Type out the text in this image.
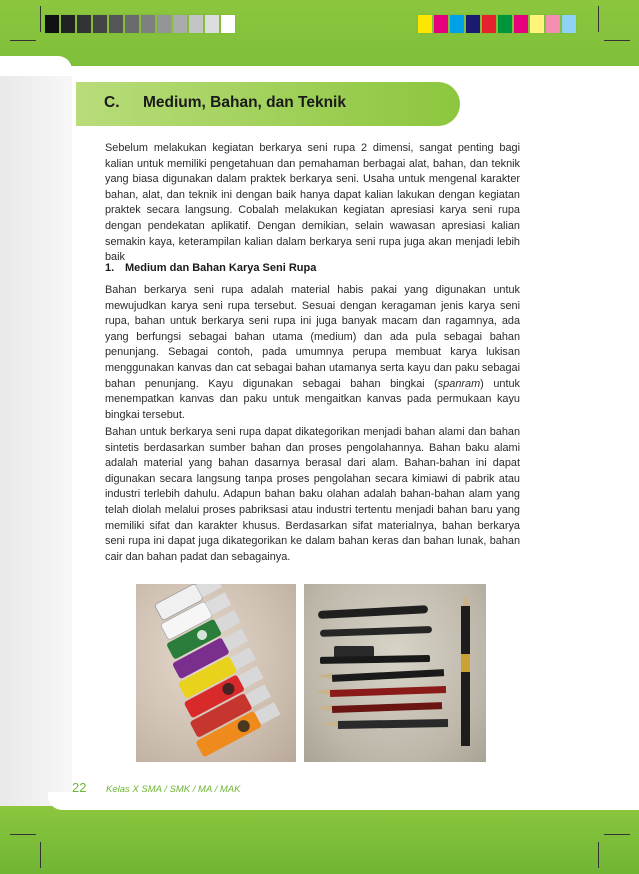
C. Medium, Bahan, dan Teknik

Sebelum melakukan kegiatan berkarya seni rupa 2 dimensi, sangat penting bagi kalian untuk memiliki pengetahuan dan pemahaman berbagai alat, bahan, dan teknik yang biasa digunakan dalam praktek berkarya seni. Usaha untuk mengenal karakter bahan, alat, dan teknik ini dengan baik hanya dapat kalian lakukan dengan kegiatan praktek secara langsung. Cobalah melakukan kegiatan apresiasi karya seni rupa dengan pendekatan aplikatif. Dengan demikian, selain wawasan apresiasi kalian semakin kaya, keterampilan kalian dalam berkarya seni rupa juga akan menjadi lebih baik

1. Medium dan Bahan Karya Seni Rupa

Bahan berkarya seni rupa adalah material habis pakai yang digunakan untuk mewujudkan karya seni rupa tersebut. Sesuai dengan keragaman jenis karya seni rupa, bahan untuk berkarya seni rupa ini juga banyak macam dan ragamnya, ada yang berfungsi sebagai bahan utama (medium) dan ada pula sebagai bahan penunjang. Sebagai contoh, pada umumnya perupa membuat karya lukisan menggunakan kanvas dan cat sebagai bahan utamanya serta kayu dan paku sebagai bahan penunjang. Kayu digunakan sebagai bahan bingkai (spanram) untuk menempatkan kanvas dan paku untuk mengaitkan kanvas pada permukaan kayu bingkai tersebut.

Bahan untuk berkarya seni rupa dapat dikategorikan menjadi bahan alami dan bahan sintetis berdasarkan sumber bahan dan proses pengolahannya. Bahan baku alami adalah material yang bahan dasarnya berasal dari alam. Bahan-bahan ini dapat digunakan secara langsung tanpa proses pengolahan secara kimiawi di pabrik atau industri terlebih dahulu. Adapun bahan baku olahan adalah bahan-bahan alam yang telah diolah melalui proses pabriksasi atau industri tertentu menjadi bahan baru yang memiliki sifat dan karakter khusus. Berdasarkan sifat materialnya, bahan berkarya seni rupa ini dapat juga dikategorikan ke dalam bahan keras dan bahan lunak, bahan cair dan bahan padat dan sebagainya.

22 Kelas X SMA / SMK / MA / MAK
